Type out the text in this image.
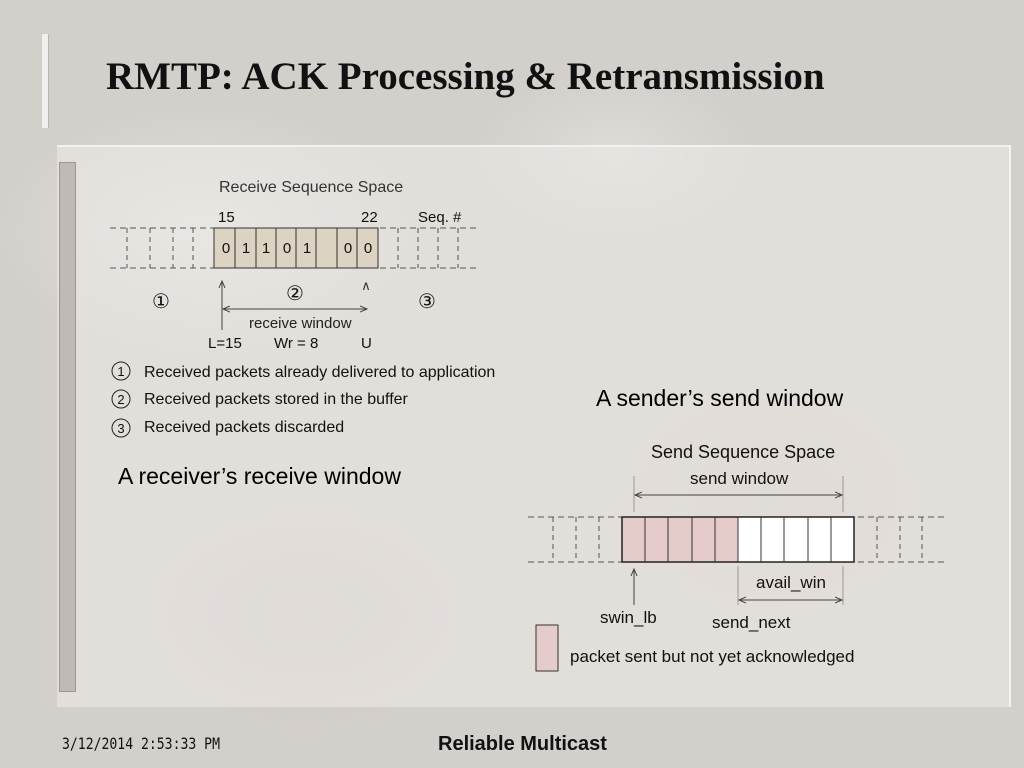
RMTP: ACK Processing & Retransmission
Receive Sequence Space
15	22	Seq. #
0 1 1 0 1 0 0
①	②	③
∧
receive window
L=15 Wr = 8	U
1 Received packets already delivered to application
2 Received packets stored in the buffer
3 Received packets discarded
Send Sequence Space
send window
avail_win
swin_lb	send_next
packet sent but not yet acknowledged
A sender’s send window
A receiver’s receive window
3/12/2014 2:53:33 PM	Reliable Multicast
